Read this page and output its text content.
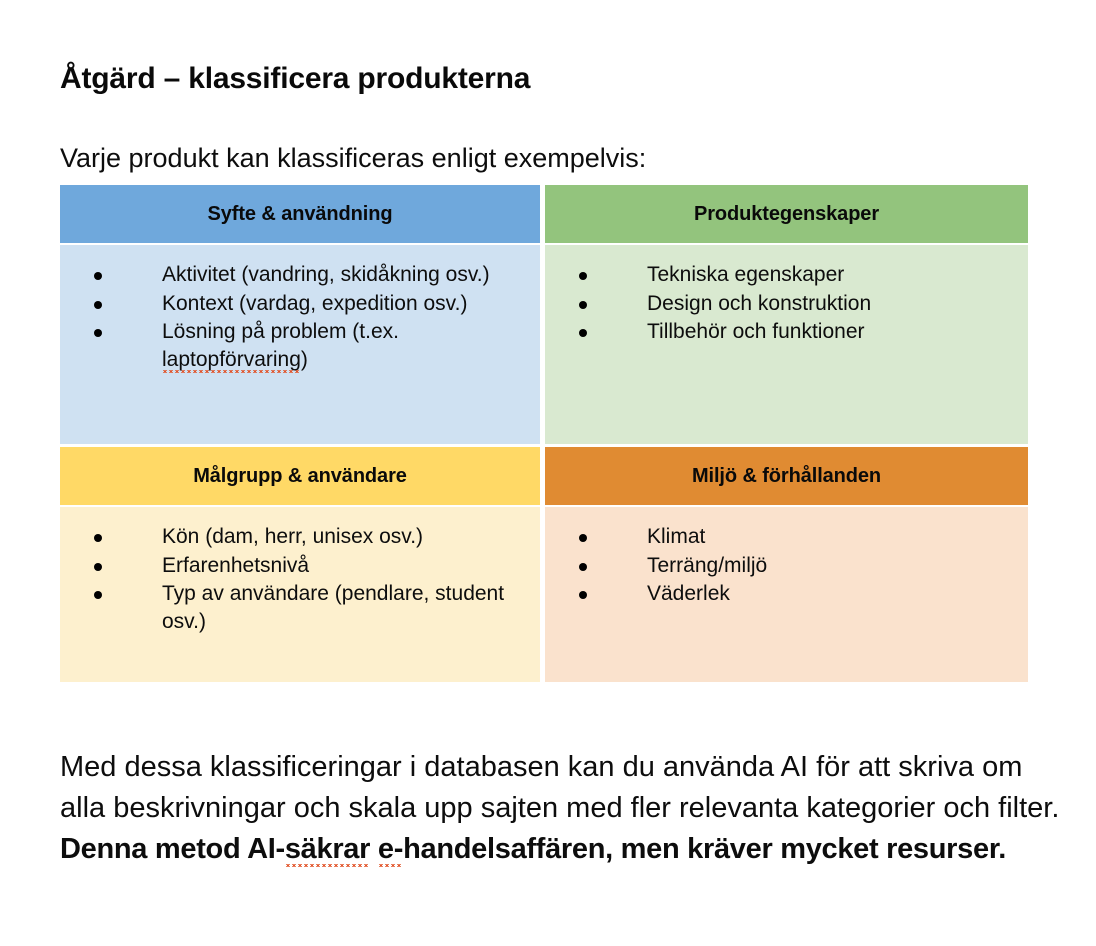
Åtgärd – klassificera produkterna

Varje produkt kan klassificeras enligt exempelvis:

Syfte & användning
Aktivitet (vandring, skidåkning osv.)
Kontext (vardag, expedition osv.)
Lösning på problem (t.ex. laptopförvaring)
Produktegenskaper
Tekniska egenskaper
Design och konstruktion
Tillbehör och funktioner
Målgrupp & användare
Kön (dam, herr, unisex osv.)
Erfarenhetsnivå
Typ av användare (pendlare, student osv.)
Miljö & förhållanden
Klimat
Terräng/miljö
Väderlek

Med dessa klassificeringar i databasen kan du använda AI för att skriva om alla beskrivningar och skala upp sajten med fler relevanta kategorier och filter. Denna metod AI-säkrar e-handelsaffären, men kräver mycket resurser.
